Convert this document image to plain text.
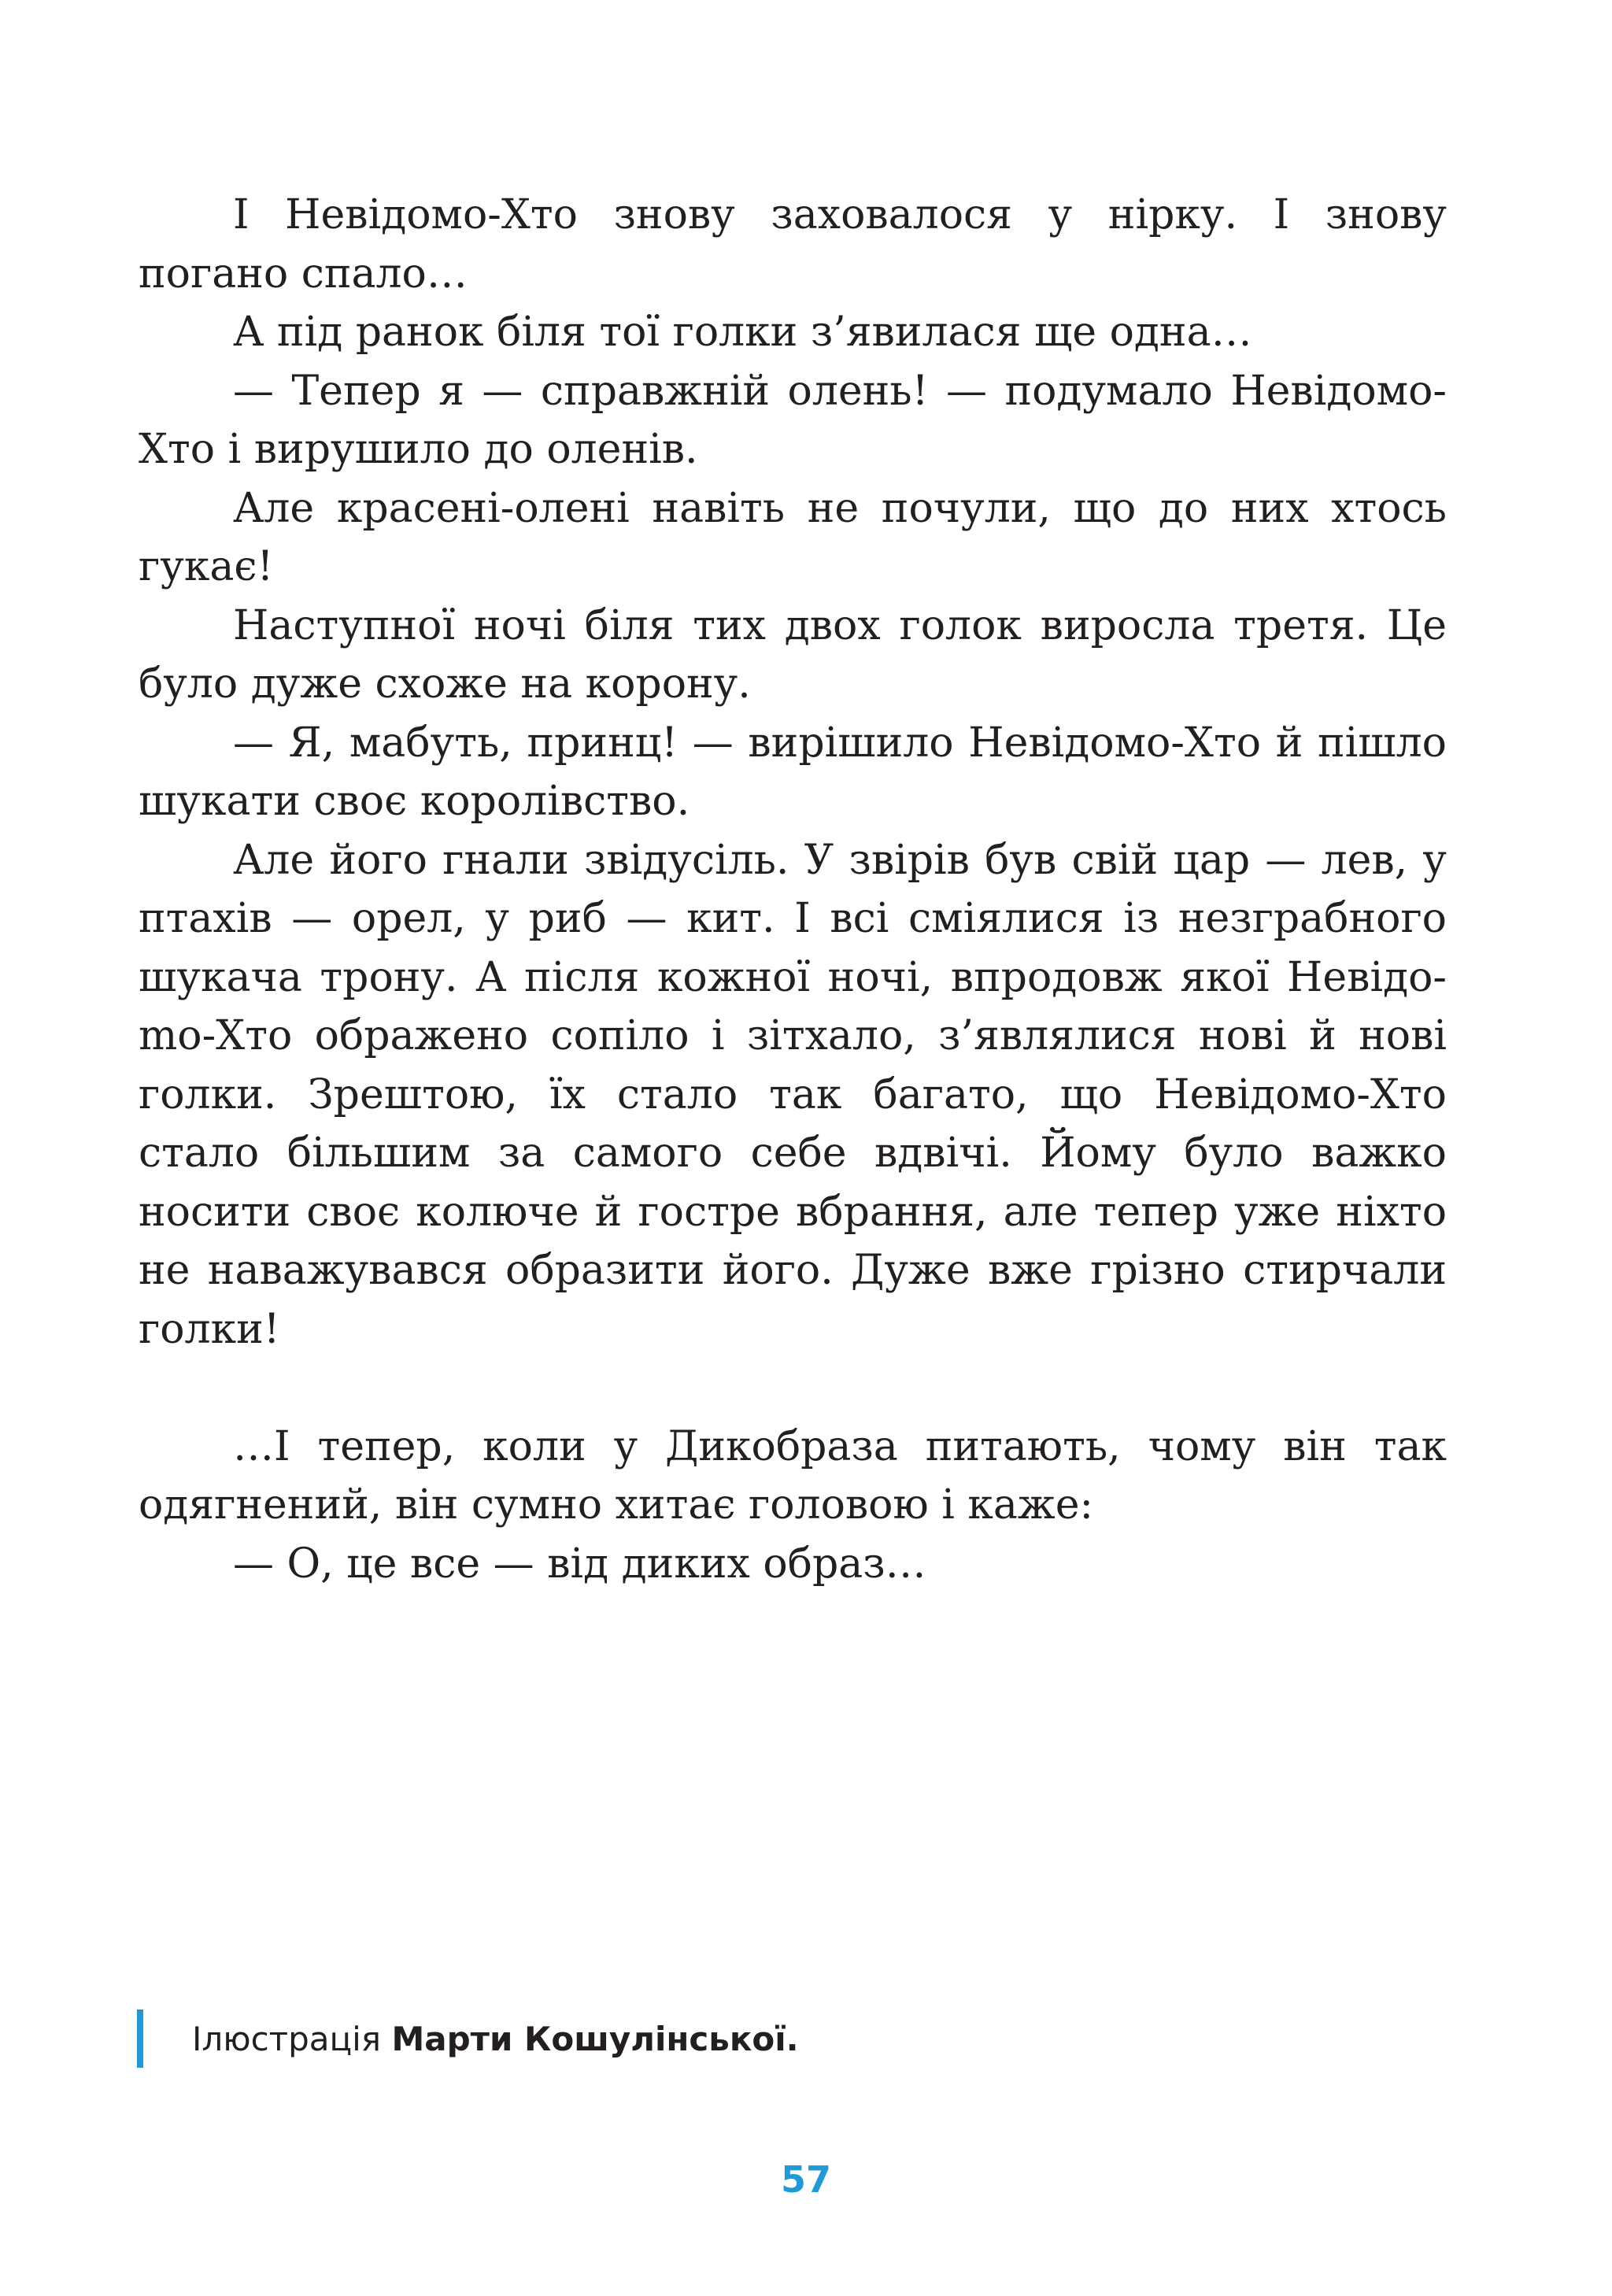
І Невідомо-Хто знову заховалося у нірку. І знову погано спало…

А під ранок біля тої голки з’явилася ще одна…

— Тепер я — справжній олень! — подумало Невідомо-Хто і вирушило до оленів.

Але красені-олені навіть не почули, що до них хтось гукає!

Наступної ночі біля тих двох голок виросла третя. Це було дуже схоже на корону.

— Я, мабуть, принц! — вирішило Невідомо-Хто й пішло шукати своє королівство.

Але його гнали звідусіль. У звірів був свій цар — лев, у птахів — орел, у риб — кит. І всі сміялися із незграбного шукача трону. А після кожної ночі, впродовж якої Невідоmо-Хто ображено сопіло і зітхало, з’являлися нові й нові голки. Зрештою, їх стало так багато, що Невідомо-Хто стало більшим за самого себе вдвічі. Йому було важко носити своє колюче й гостре вбрання, але тепер уже ніхто не наважувався образити його. Дуже вже грізно стирчали голки!

…І тепер, коли у Дикобраза питають, чому він так одягнений, він сумно хитає головою і каже:

— О, це все — від диких образ…

Ілюстрація
Марти Кошулінської.
57
